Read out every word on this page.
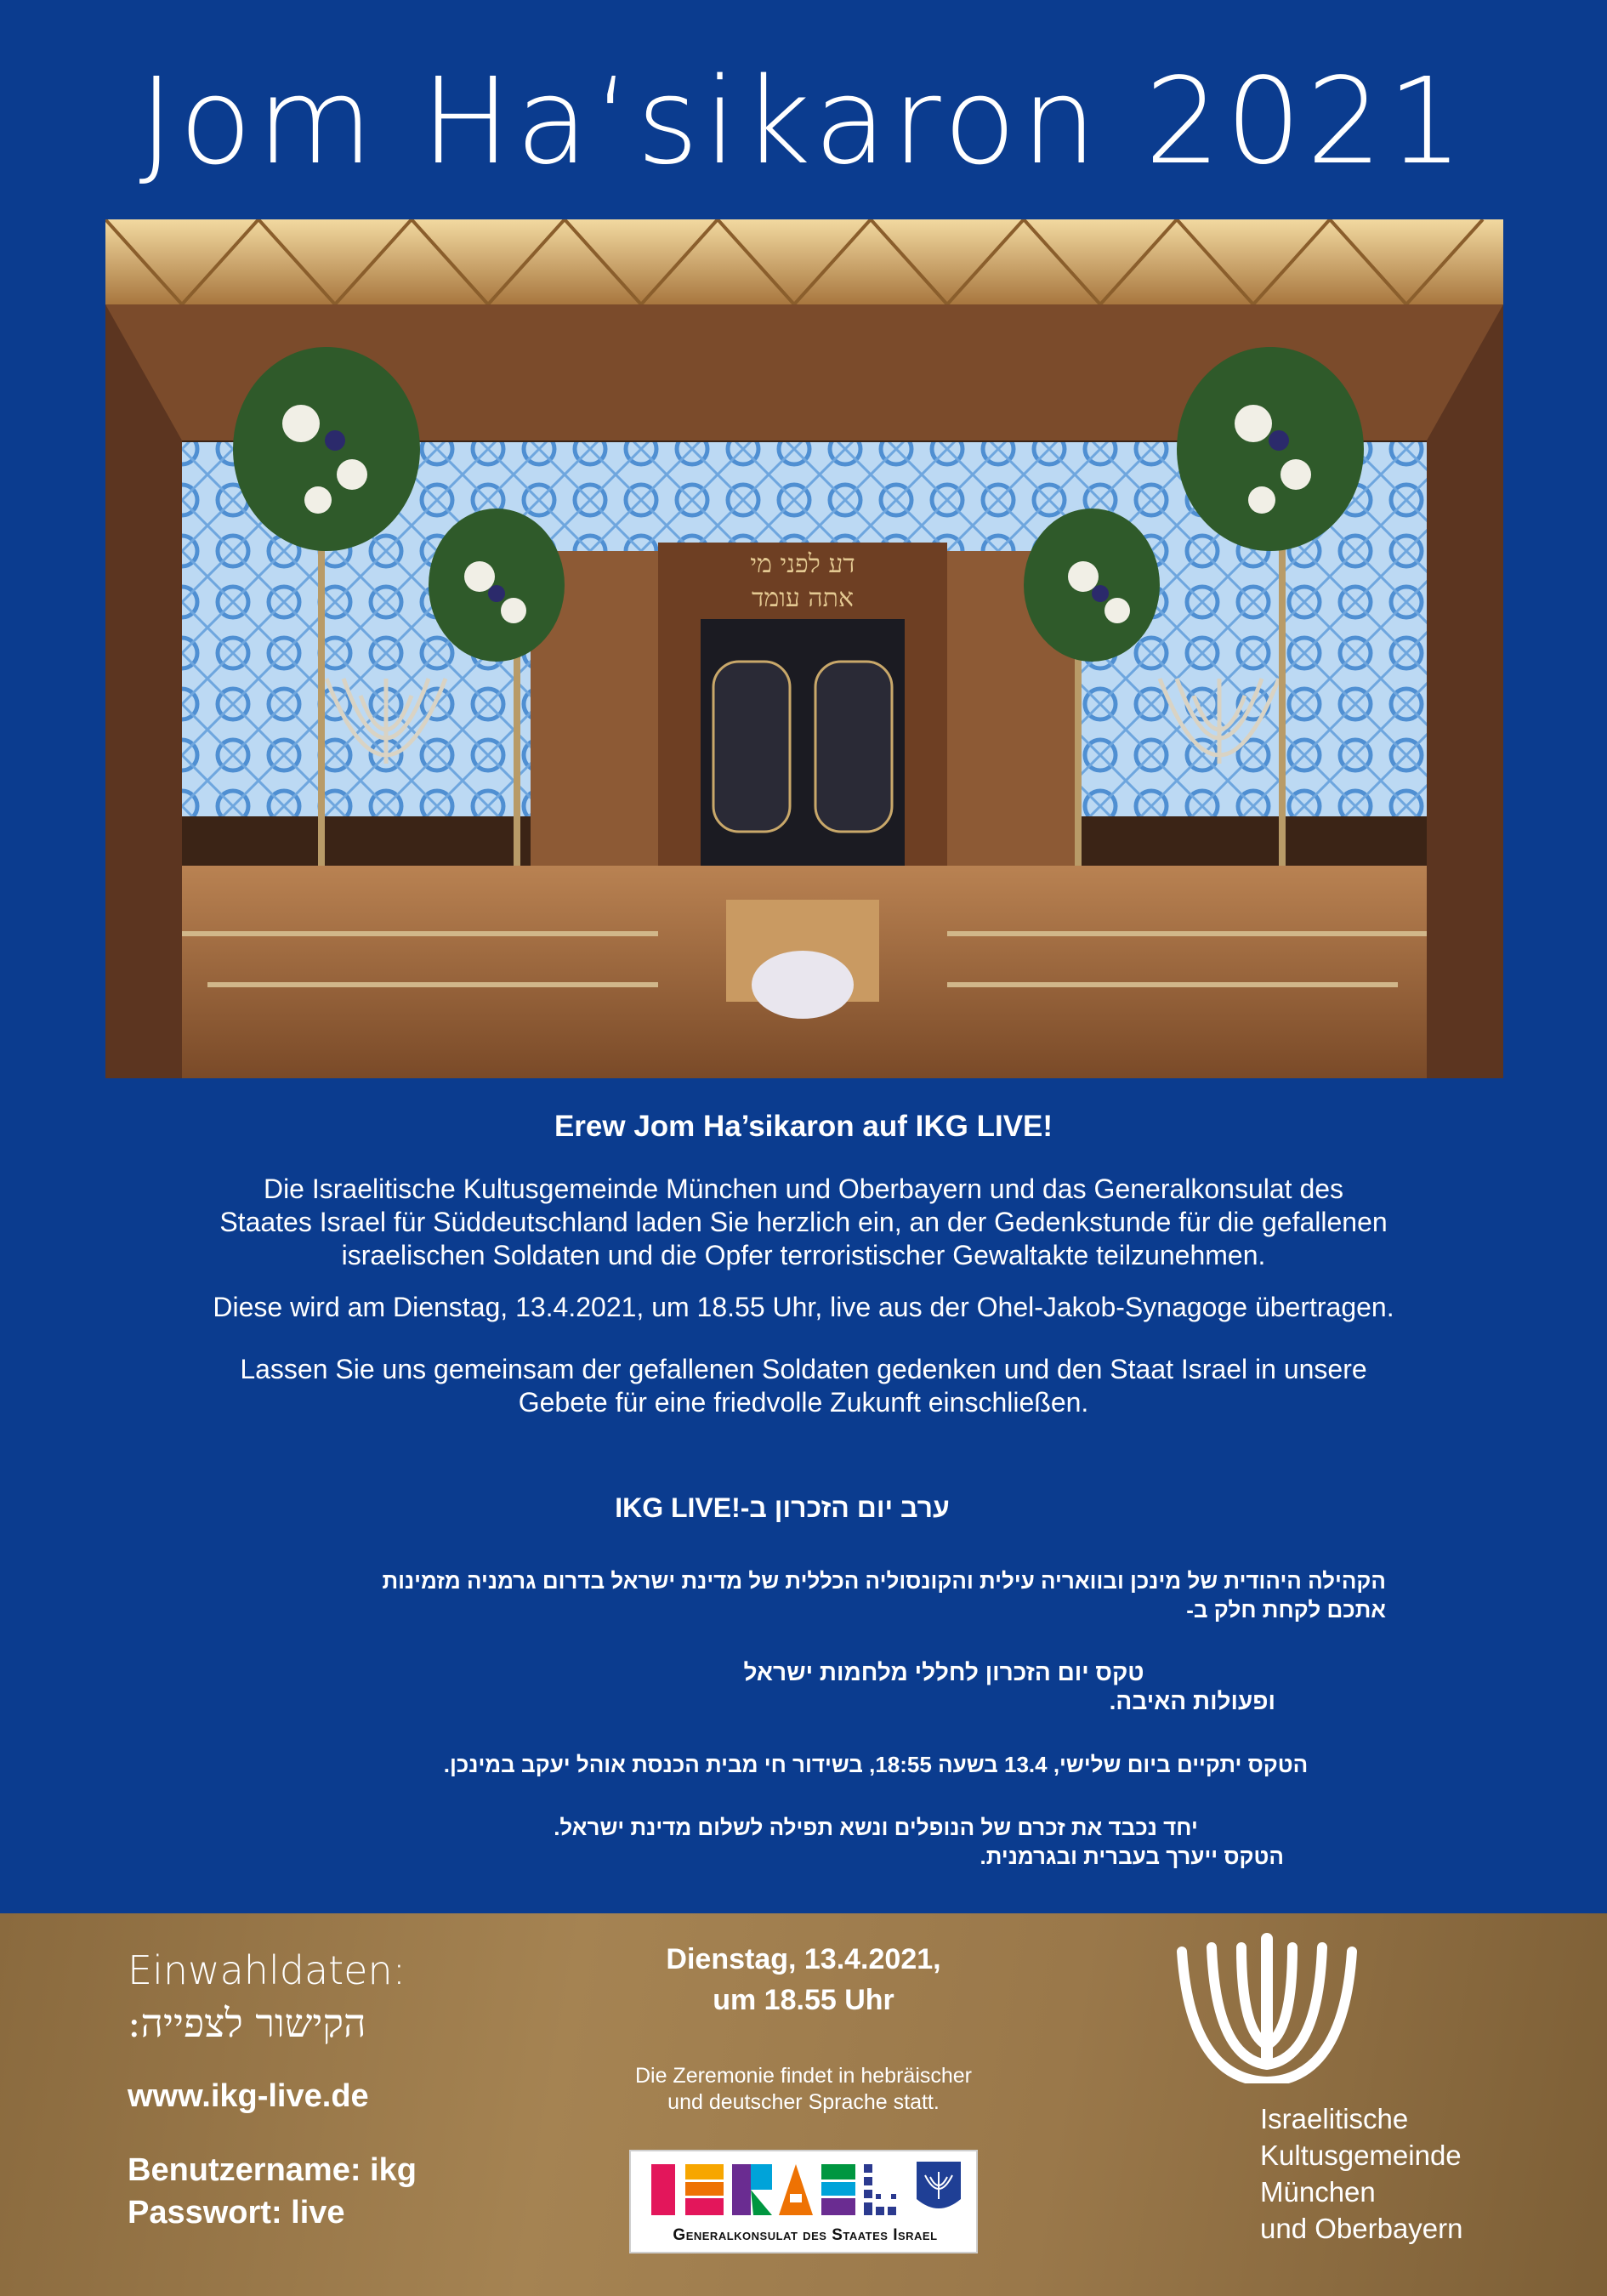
Jom Ha‘sikaron 2021
דע לפני מי
אתה עומד
Erew Jom Ha’sikaron auf IKG LIVE!
Die Israelitische Kultusgemeinde München und Oberbayern und das Generalkonsulat des
Staates Israel für Süddeutschland laden Sie herzlich ein, an der Gedenkstunde für die gefallenen
israelischen Soldaten und die Opfer terroristischer Gewaltakte teilzunehmen.
Diese wird am Dienstag, 13.4.2021, um 18.55 Uhr, live aus der Ohel-Jakob-Synagoge übertragen.
Lassen Sie uns gemeinsam der gefallenen Soldaten gedenken und den Staat Israel in unsere
Gebete für eine friedvolle Zukunft einschließen.
ערב יום הזכרון ב-!IKG LIVE
הקהילה היהודית של מינכן ובוואריה עילית והקונסוליה הכללית של מדינת ישראל בדרום גרמניה מזמינות
אתכם לקחת חלק ב-
טקס יום הזכרון לחללי מלחמות ישראל
ופעולות האיבה.
הטקס יתקיים ביום שלישי, 13.4 בשעה 18:55, בשידור חי מבית הכנסת אוהל יעקב במינכן.
יחד נכבד את זכרם של הנופלים ונשא תפילה לשלום מדינת ישראל.
הטקס ייערך בעברית ובגרמנית.
Einwahldaten:
הקישור לצפייה:
www.ikg-live.de
Benutzername: ikg
Passwort: live
Dienstag, 13.4.2021,
um 18.55 Uhr
Die Zeremonie findet in hebräischer
und deutscher Sprache statt.
Generalkonsulat des Staates Israel
Israelitische
Kultusgemeinde
München
und Oberbayern
